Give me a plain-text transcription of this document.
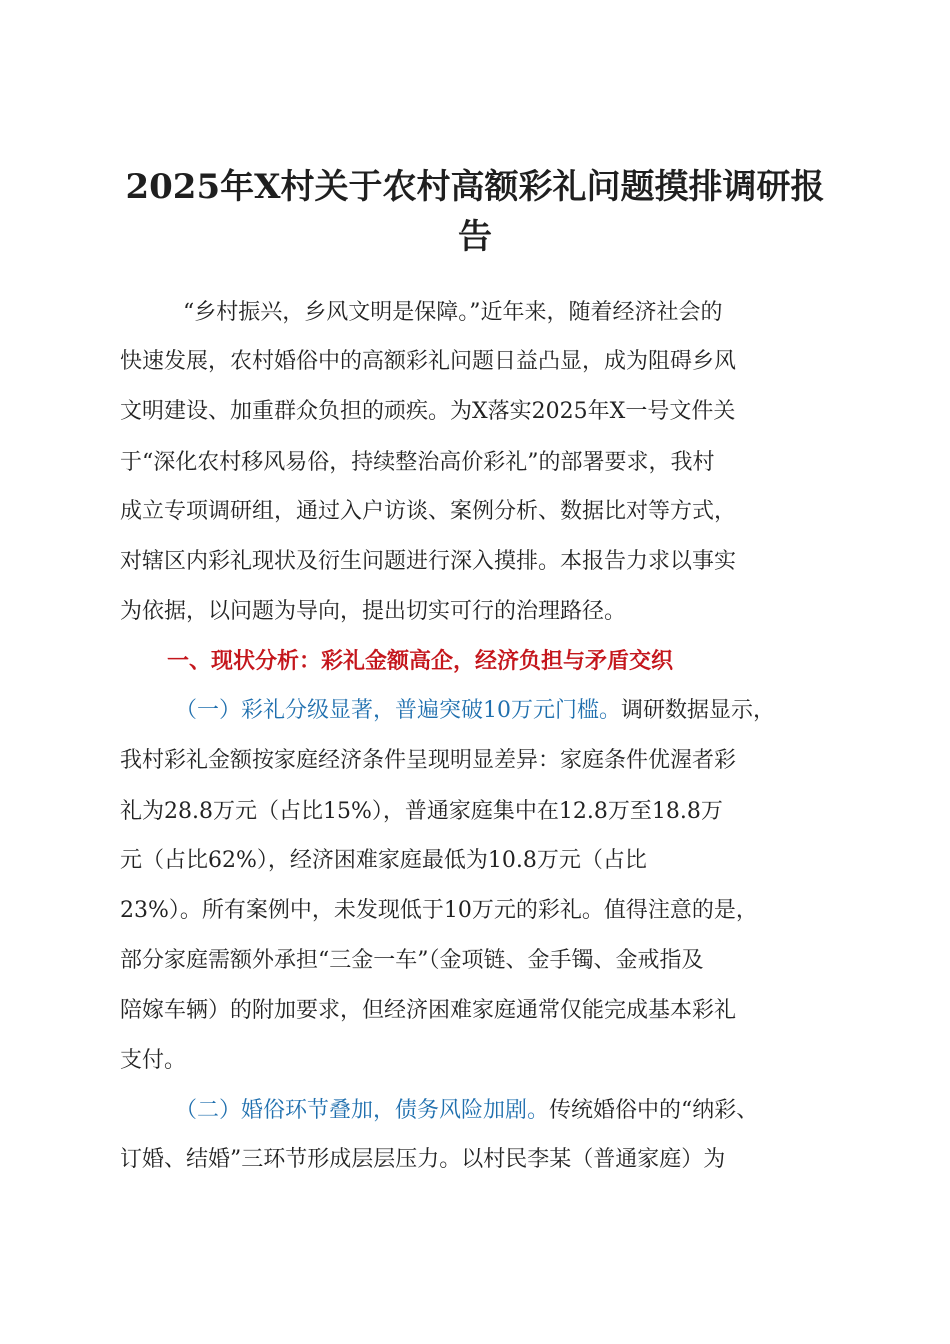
2025年X村关于农村高额彩礼问题摸排调研报
告
“乡村振兴，乡风文明是保障。”近年来，随着经济社会的
快速发展，农村婚俗中的高额彩礼问题日益凸显，成为阻碍乡风
文明建设、加重群众负担的顽疾。为X落实2025年X一号文件关
于“深化农村移风易俗，持续整治高价彩礼”的部署要求，我村
成立专项调研组，通过入户访谈、案例分析、数据比对等方式，
对辖区内彩礼现状及衍生问题进行深入摸排。本报告力求以事实
为依据，以问题为导向，提出切实可行的治理路径。
一、现状分析：彩礼金额高企，经济负担与矛盾交织
（一）彩礼分级显著，普遍突破10万元门槛。调研数据显示，
我村彩礼金额按家庭经济条件呈现明显差异：家庭条件优渥者彩
礼为28.8万元（占比15%），普通家庭集中在12.8万至18.8万
元（占比62%），经济困难家庭最低为10.8万元（占比
23%）。所有案例中，未发现低于10万元的彩礼。值得注意的是，
部分家庭需额外承担“三金一车”（金项链、金手镯、金戒指及
陪嫁车辆）的附加要求，但经济困难家庭通常仅能完成基本彩礼
支付。
（二）婚俗环节叠加，债务风险加剧。传统婚俗中的“纳彩、
订婚、结婚”三环节形成层层压力。以村民李某（普通家庭）为
